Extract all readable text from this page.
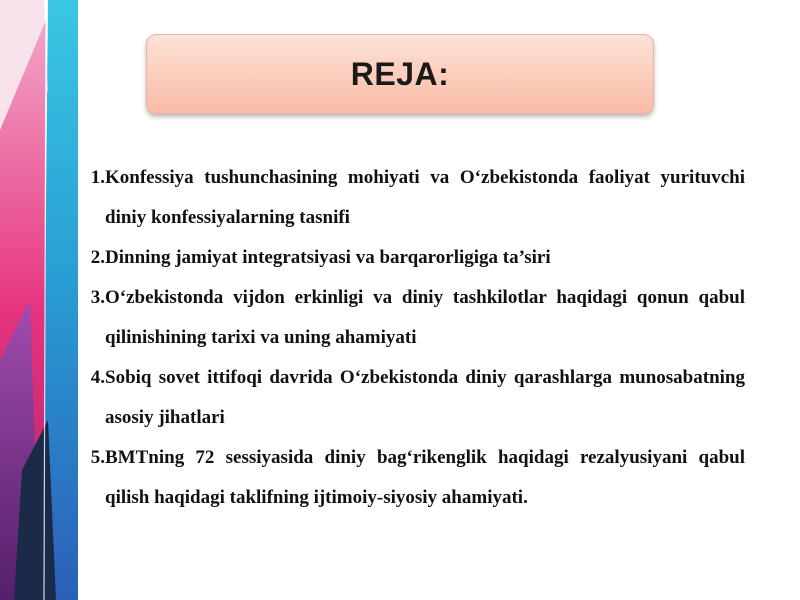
REJA:
1. Konfessiya tushunchasining mohiyati va O‘zbekistonda faoliyat yurituvchi diniy konfessiyalarning tasnifi
2. Dinning jamiyat integratsiyasi va barqarorligiga ta’siri
3. O‘zbekistonda vijdon erkinligi va diniy tashkilotlar haqidagi qonun qabul qilinishining tarixi va uning ahamiyati
4. Sobiq sovet ittifoqi davrida O‘zbekistonda diniy qarashlarga munosabatning asosiy jihatlari
5. BMTning 72 sessiyasida diniy bag‘rikenglik haqidagi rezalyusiyani qabul qilish haqidagi taklifning ijtimoiy-siyosiy ahamiyati.
